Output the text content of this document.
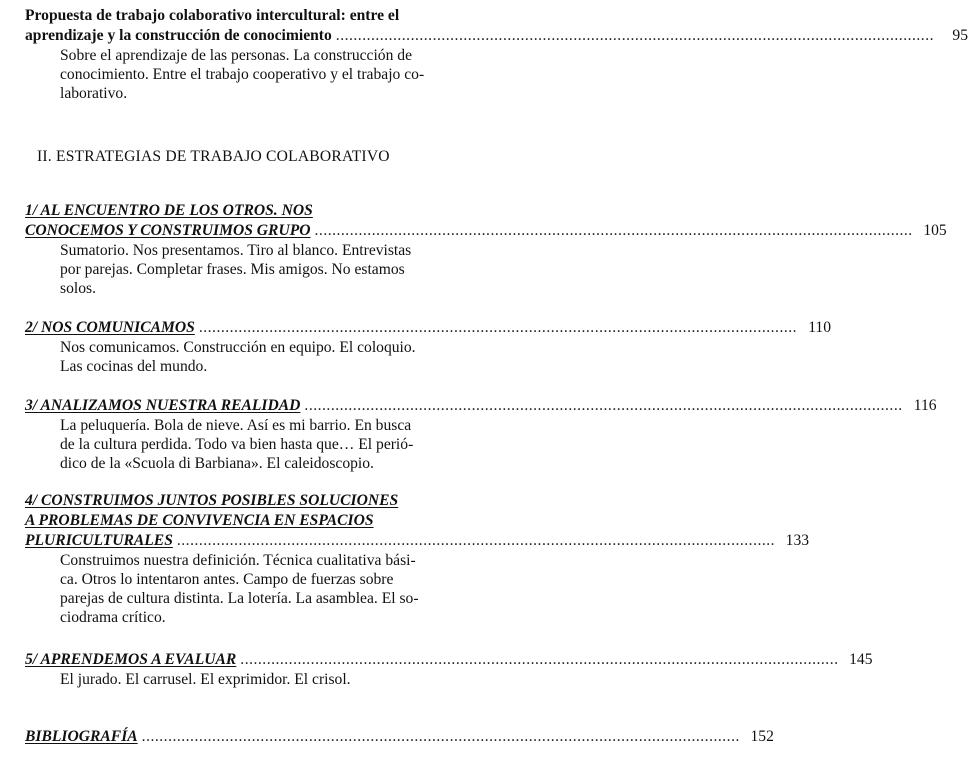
Propuesta de trabajo colaborativo intercultural: entre el
aprendizaje y la construcción de conocimiento ........................................................................................................................................	95
Sobre el aprendizaje de las personas. La construcción de
conocimiento. Entre el trabajo cooperativo y el trabajo co-
laborativo.
II. ESTRATEGIAS DE TRABAJO COLABORATIVO
1/ AL ENCUENTRO DE LOS OTROS. NOS
CONOCEMOS Y CONSTRUIMOS GRUPO ........................................................................................................................................ 105
Sumatorio. Nos presentamos. Tiro al blanco. Entrevistas
por parejas. Completar frases. Mis amigos. No estamos
solos.
2/ NOS COMUNICAMOS ........................................................................................................................................ 110
Nos comunicamos. Construcción en equipo. El coloquio.
Las cocinas del mundo.
3/ ANALIZAMOS NUESTRA REALIDAD ........................................................................................................................................ 116
La peluquería. Bola de nieve. Así es mi barrio. En busca
de la cultura perdida. Todo va bien hasta que… El perió-
dico de la «Scuola di Barbiana». El caleidoscopio.
4/ CONSTRUIMOS JUNTOS POSIBLES SOLUCIONES
A PROBLEMAS DE CONVIVENCIA EN ESPACIOS
PLURICULTURALES ........................................................................................................................................ 133
Construimos nuestra definición. Técnica cualitativa bási-
ca. Otros lo intentaron antes. Campo de fuerzas sobre
parejas de cultura distinta. La lotería. La asamblea. El so-
ciodrama crítico.
5/ APRENDEMOS A EVALUAR ........................................................................................................................................ 145
El jurado. El carrusel. El exprimidor. El crisol.
BIBLIOGRAFÍA ........................................................................................................................................ 152
